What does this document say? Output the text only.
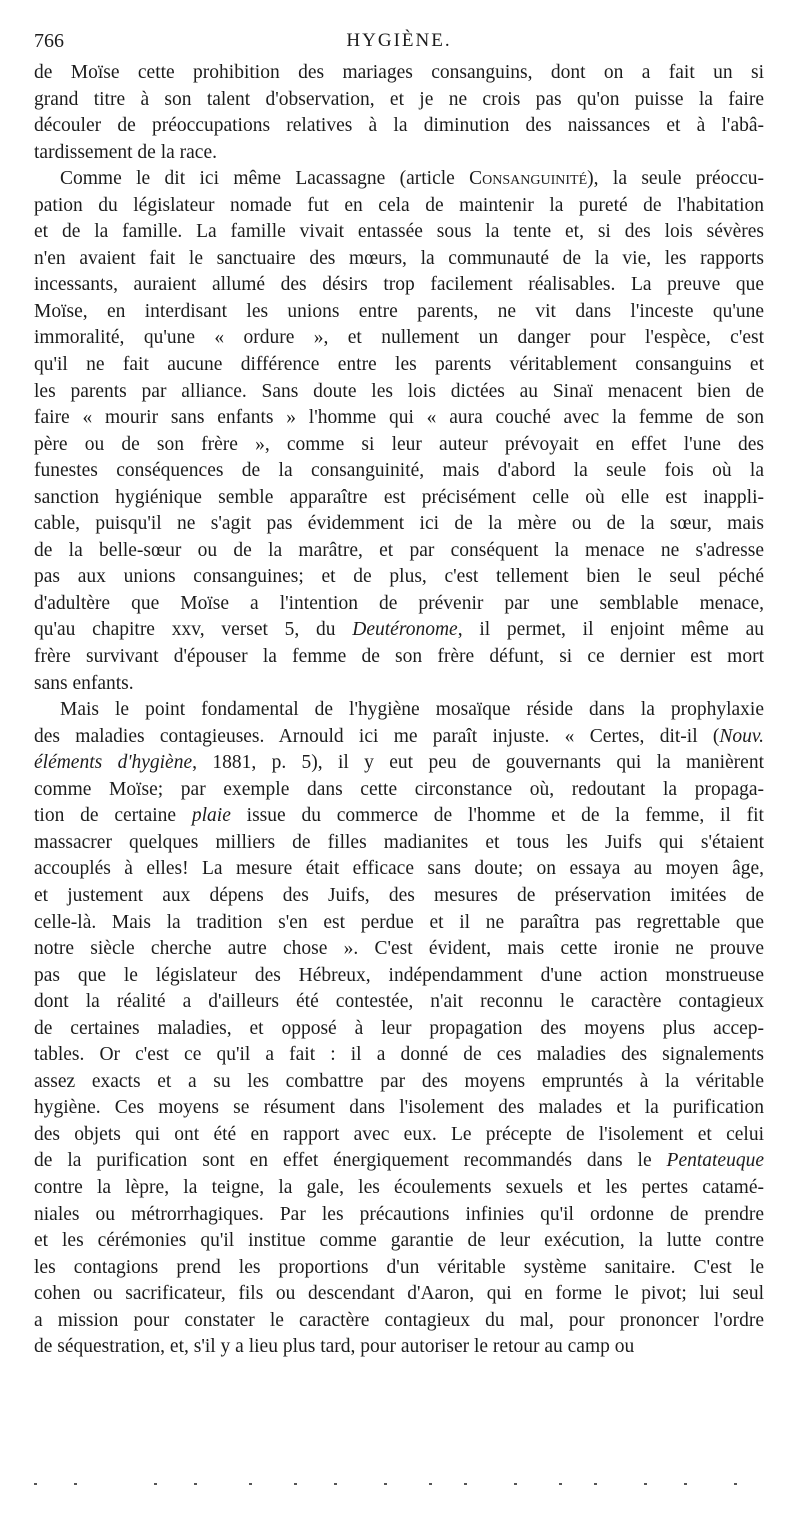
766	HYGIÈNE.
de Moïse cette prohibition des mariages consanguins, dont on a fait un si
grand titre à son talent d'observation, et je ne crois pas qu'on puisse la faire
découler de préoccupations relatives à la diminution des naissances et à l'abâ-
tardissement de la race.
Comme le dit ici même Lacassagne (article Consanguinité), la seule préoccu-
pation du législateur nomade fut en cela de maintenir la pureté de l'habitation
et de la famille. La famille vivait entassée sous la tente et, si des lois sévères
n'en avaient fait le sanctuaire des mœurs, la communauté de la vie, les rapports
incessants, auraient allumé des désirs trop facilement réalisables. La preuve que
Moïse, en interdisant les unions entre parents, ne vit dans l'inceste qu'une
immoralité, qu'une « ordure », et nullement un danger pour l'espèce, c'est
qu'il ne fait aucune différence entre les parents véritablement consanguins et
les parents par alliance. Sans doute les lois dictées au Sinaï menacent bien de
faire « mourir sans enfants » l'homme qui « aura couché avec la femme de son
père ou de son frère », comme si leur auteur prévoyait en effet l'une des
funestes conséquences de la consanguinité, mais d'abord la seule fois où la
sanction hygiénique semble apparaître est précisément celle où elle est inappli-
cable, puisqu'il ne s'agit pas évidemment ici de la mère ou de la sœur, mais
de la belle-sœur ou de la marâtre, et par conséquent la menace ne s'adresse
pas aux unions consanguines; et de plus, c'est tellement bien le seul péché
d'adultère que Moïse a l'intention de prévenir par une semblable menace,
qu'au chapitre xxv, verset 5, du Deutéronome, il permet, il enjoint même au
frère survivant d'épouser la femme de son frère défunt, si ce dernier est mort
sans enfants.
Mais le point fondamental de l'hygiène mosaïque réside dans la prophylaxie
des maladies contagieuses. Arnould ici me paraît injuste. « Certes, dit-il (Nouv.
éléments d'hygiène, 1881, p. 5), il y eut peu de gouvernants qui la manièrent
comme Moïse; par exemple dans cette circonstance où, redoutant la propaga-
tion de certaine plaie issue du commerce de l'homme et de la femme, il fit
massacrer quelques milliers de filles madianites et tous les Juifs qui s'étaient
accouplés à elles! La mesure était efficace sans doute; on essaya au moyen âge,
et justement aux dépens des Juifs, des mesures de préservation imitées de
celle-là. Mais la tradition s'en est perdue et il ne paraîtra pas regrettable que
notre siècle cherche autre chose ». C'est évident, mais cette ironie ne prouve
pas que le législateur des Hébreux, indépendamment d'une action monstrueuse
dont la réalité a d'ailleurs été contestée, n'ait reconnu le caractère contagieux
de certaines maladies, et opposé à leur propagation des moyens plus accep-
tables. Or c'est ce qu'il a fait : il a donné de ces maladies des signalements
assez exacts et a su les combattre par des moyens empruntés à la véritable
hygiène. Ces moyens se résument dans l'isolement des malades et la purification
des objets qui ont été en rapport avec eux. Le précepte de l'isolement et celui
de la purification sont en effet énergiquement recommandés dans le Pentateuque
contre la lèpre, la teigne, la gale, les écoulements sexuels et les pertes catamé-
niales ou métrorrhagiques. Par les précautions infinies qu'il ordonne de prendre
et les cérémonies qu'il institue comme garantie de leur exécution, la lutte contre
les contagions prend les proportions d'un véritable système sanitaire. C'est le
cohen ou sacrificateur, fils ou descendant d'Aaron, qui en forme le pivot; lui seul
a mission pour constater le caractère contagieux du mal, pour prononcer l'ordre
de séquestration, et, s'il y a lieu plus tard, pour autoriser le retour au camp ou
